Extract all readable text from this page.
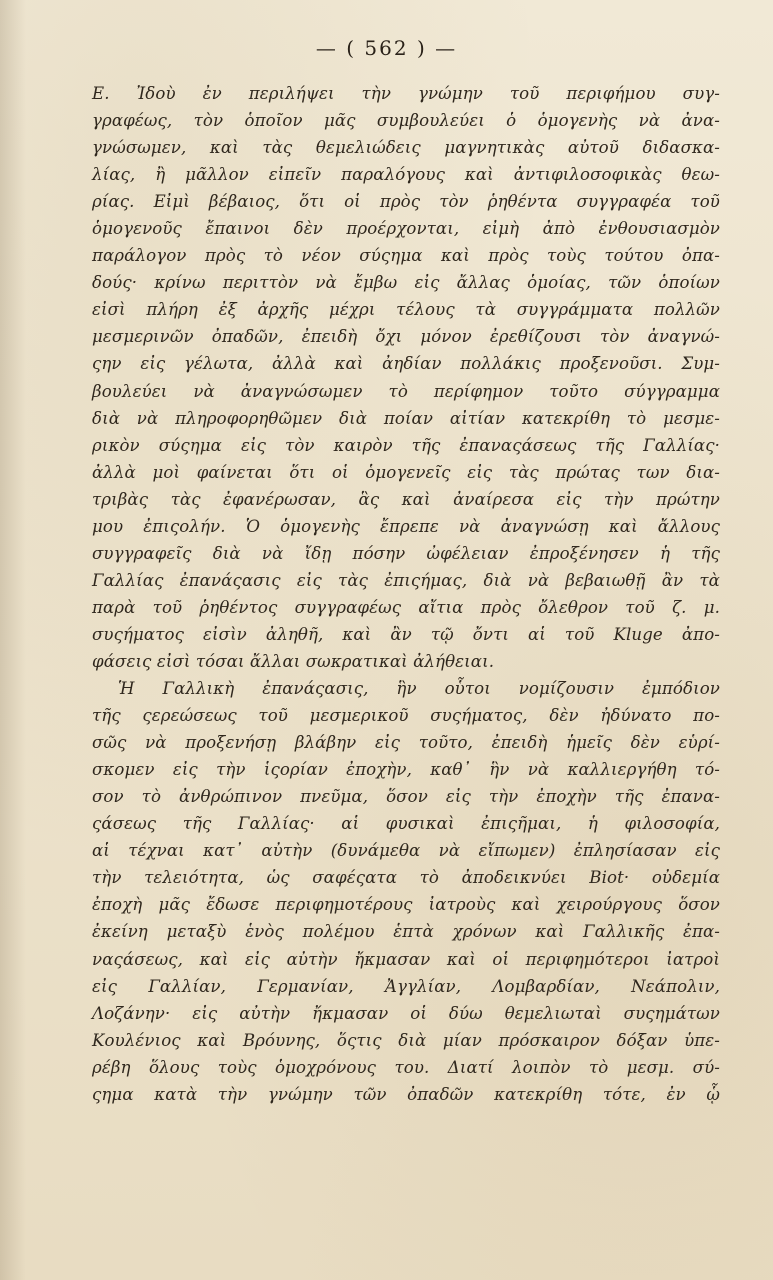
— ( 562 ) —
Ε. Ἰδοὺ ἐν περιλήψει τὴν γνώμην τοῦ περιφήμου συγ-
γραφέως, τὸν ὁποῖον μᾶς συμβουλεύει ὁ ὁμογενὴς νὰ ἀνα-
γνώσωμεν, καὶ τὰς θεμελιώδεις μαγνητικὰς αὐτοῦ διδασκα-
λίας, ἢ μᾶλλον εἰπεῖν παραλόγους καὶ ἀντιφιλοσοφικὰς θεω-
ρίας. Εἰμὶ βέβαιος, ὅτι οἱ πρὸς τὸν ῥηθέντα συγγραφέα τοῦ
ὁμογενοῦς ἔπαινοι δὲν προέρχονται, εἰμὴ ἀπὸ ἐνθουσιασμὸν
παράλογον πρὸς τὸ νέον σύςημα καὶ πρὸς τοὺς τούτου ὀπα-
δούς· κρίνω περιττὸν νὰ ἔμβω εἰς ἄλλας ὁμοίας, τῶν ὁποίων
εἰσὶ πλήρη ἐξ ἀρχῆς μέχρι τέλους τὰ συγγράμματα πολλῶν
μεσμερινῶν ὀπαδῶν, ἐπειδὴ ὄχι μόνον ἐρεθίζουσι τὸν ἀναγνώ-
ςην εἰς γέλωτα, ἀλλὰ καὶ ἀηδίαν πολλάκις προξενοῦσι. Συμ-
βουλεύει νὰ ἀναγνώσωμεν τὸ περίφημον τοῦτο σύγγραμμα
διὰ νὰ πληροφορηθῶμεν διὰ ποίαν αἰτίαν κατεκρίθη τὸ μεσμε-
ρικὸν σύςημα εἰς τὸν καιρὸν τῆς ἐπαναςάσεως τῆς Γαλλίας·
ἀλλὰ μοὶ φαίνεται ὅτι οἱ ὁμογενεῖς εἰς τὰς πρώτας των δια-
τριβὰς τὰς ἐφανέρωσαν, ἃς καὶ ἀναίρεσα εἰς τὴν πρώτην
μου ἐπιςολήν. Ὁ ὁμογενὴς ἔπρεπε νὰ ἀναγνώσῃ καὶ ἄλλους
συγγραφεῖς διὰ νὰ ἴδῃ πόσην ὠφέλειαν ἐπροξένησεν ἡ τῆς
Γαλλίας ἐπανάςασις εἰς τὰς ἐπιςήμας, διὰ νὰ βεβαιωθῇ ἂν τὰ
παρὰ τοῦ ῥηθέντος συγγραφέως αἴτια πρὸς ὄλεθρον τοῦ ζ. μ.
συςήματος εἰσὶν ἀληθῆ, καὶ ἂν τῷ ὄντι αἱ τοῦ Kluge ἀπο-
φάσεις εἰσὶ τόσαι ἄλλαι σωκρατικαὶ ἀλήθειαι.
Ἡ Γαλλικὴ ἐπανάςασις, ἣν οὗτοι νομίζουσιν ἐμπόδιον
τῆς ςερεώσεως τοῦ μεσμερικοῦ συςήματος, δὲν ἠδύνατο πο-
σῶς νὰ προξενήσῃ βλάβην εἰς τοῦτο, ἐπειδὴ ἡμεῖς δὲν εὑρί-
σκομεν εἰς τὴν ἱςορίαν ἐποχὴν, καθ᾿ ἣν νὰ καλλιεργήθη τό-
σον τὸ ἀνθρώπινον πνεῦμα, ὅσον εἰς τὴν ἐποχὴν τῆς ἐπανα-
ςάσεως τῆς Γαλλίας· αἱ φυσικαὶ ἐπιςῆμαι, ἡ φιλοσοφία,
αἱ τέχναι κατ᾿ αὐτὴν (δυνάμεθα νὰ εἴπωμεν) ἐπλησίασαν εἰς
τὴν τελειότητα, ὡς σαφέςατα τὸ ἀποδεικνύει Biot· οὐδεμία
ἐποχὴ μᾶς ἔδωσε περιφημοτέρους ἰατροὺς καὶ χειρούργους ὅσον
ἐκείνη μεταξὺ ἑνὸς πολέμου ἑπτὰ χρόνων καὶ Γαλλικῆς ἐπα-
ναςάσεως, καὶ εἰς αὐτὴν ἤκμασαν καὶ οἱ περιφημότεροι ἰατροὶ
εἰς Γαλλίαν, Γερμανίαν, Ἀγγλίαν, Λομβαρδίαν, Νεάπολιν,
Λοζάνην· εἰς αὐτὴν ἤκμασαν οἱ δύω θεμελιωταὶ συςημάτων
Κουλένιος καὶ Βρόυνης, ὅςτις διὰ μίαν πρόσκαιρον δόξαν ὑπε-
ρέβη ὅλους τοὺς ὁμοχρόνους του. Διατί λοιπὸν τὸ μεσμ. σύ-
ςημα κατὰ τὴν γνώμην τῶν ὀπαδῶν κατεκρίθη τότε, ἐν ᾧ
